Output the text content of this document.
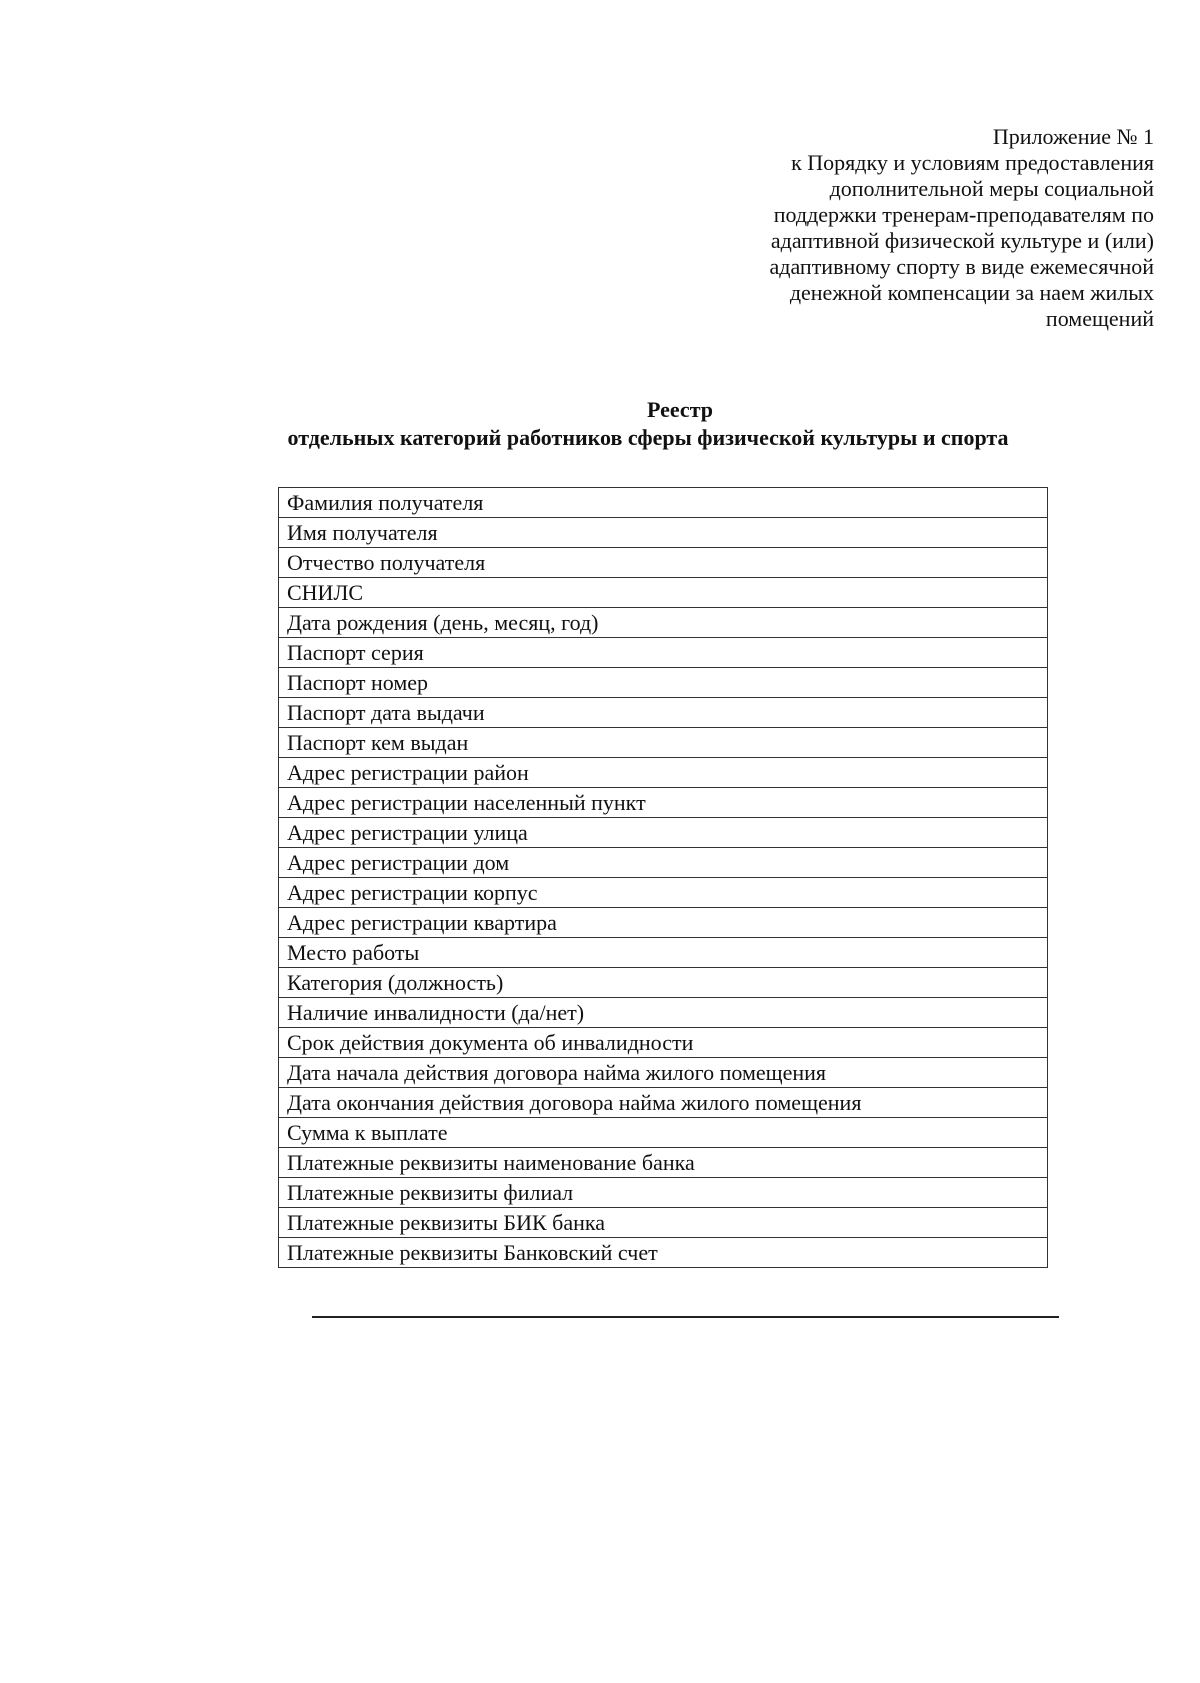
Приложение № 1
к Порядку и условиям предоставления
дополнительной меры социальной
поддержки тренерам-преподавателям по
адаптивной физической культуре и (или)
адаптивному спорту в виде ежемесячной
денежной компенсации за наем жилых
помещений
Реестр
отдельных категорий работников сферы физической культуры и спорта
Фамилия получателя
Имя получателя
Отчество получателя
СНИЛС
Дата рождения (день, месяц, год)
Паспорт серия
Паспорт номер
Паспорт дата выдачи
Паспорт кем выдан
Адрес регистрации район
Адрес регистрации населенный пункт
Адрес регистрации улица
Адрес регистрации дом
Адрес регистрации корпус
Адрес регистрации квартира
Место работы
Категория (должность)
Наличие инвалидности (да/нет)
Срок действия документа об инвалидности
Дата начала действия договора найма жилого помещения
Дата окончания действия договора найма жилого помещения
Сумма к выплате
Платежные реквизиты наименование банка
Платежные реквизиты филиал
Платежные реквизиты БИК банка
Платежные реквизиты Банковский счет
